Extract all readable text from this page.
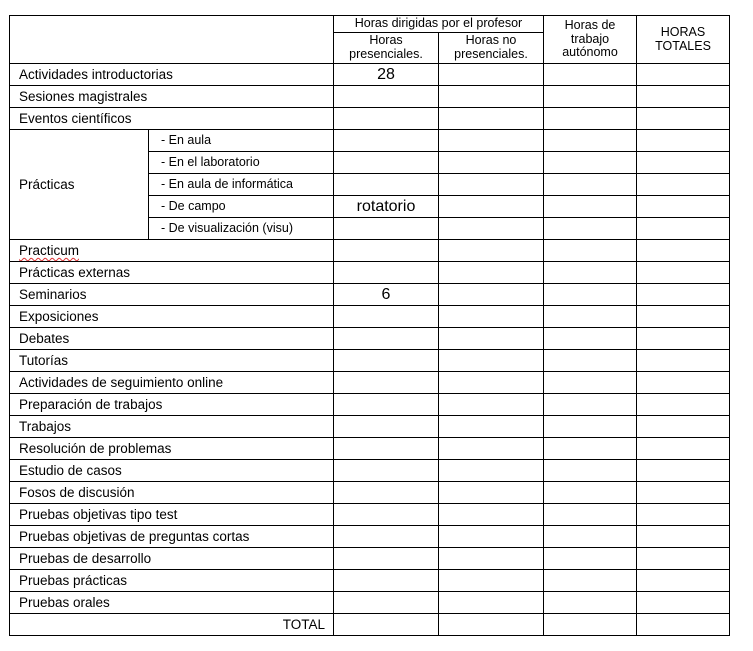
		Horas dirigidas por el profesor		Horas de trabajo autónomo	HORAS TOTALES
		Horas presenciales.	Horas no presenciales.		
Actividades introductorias		28			
Sesiones magistrales					
Eventos científicos					
Prácticas	- En aula				
	- En el laboratorio				
	- En aula de informática				
	- De campo	rotatorio			
	- De visualización (visu)				
Practicum					
Prácticas externas					
Seminarios		6			
Exposiciones					
Debates					
Tutorías					
Actividades de seguimiento online					
Preparación de trabajos					
Trabajos					
Resolución de problemas					
Estudio de casos					
Fosos de discusión					
Pruebas objetivas tipo test					
Pruebas objetivas de preguntas cortas					
Pruebas de desarrollo					
Pruebas prácticas					
Pruebas orales					
TOTAL					
